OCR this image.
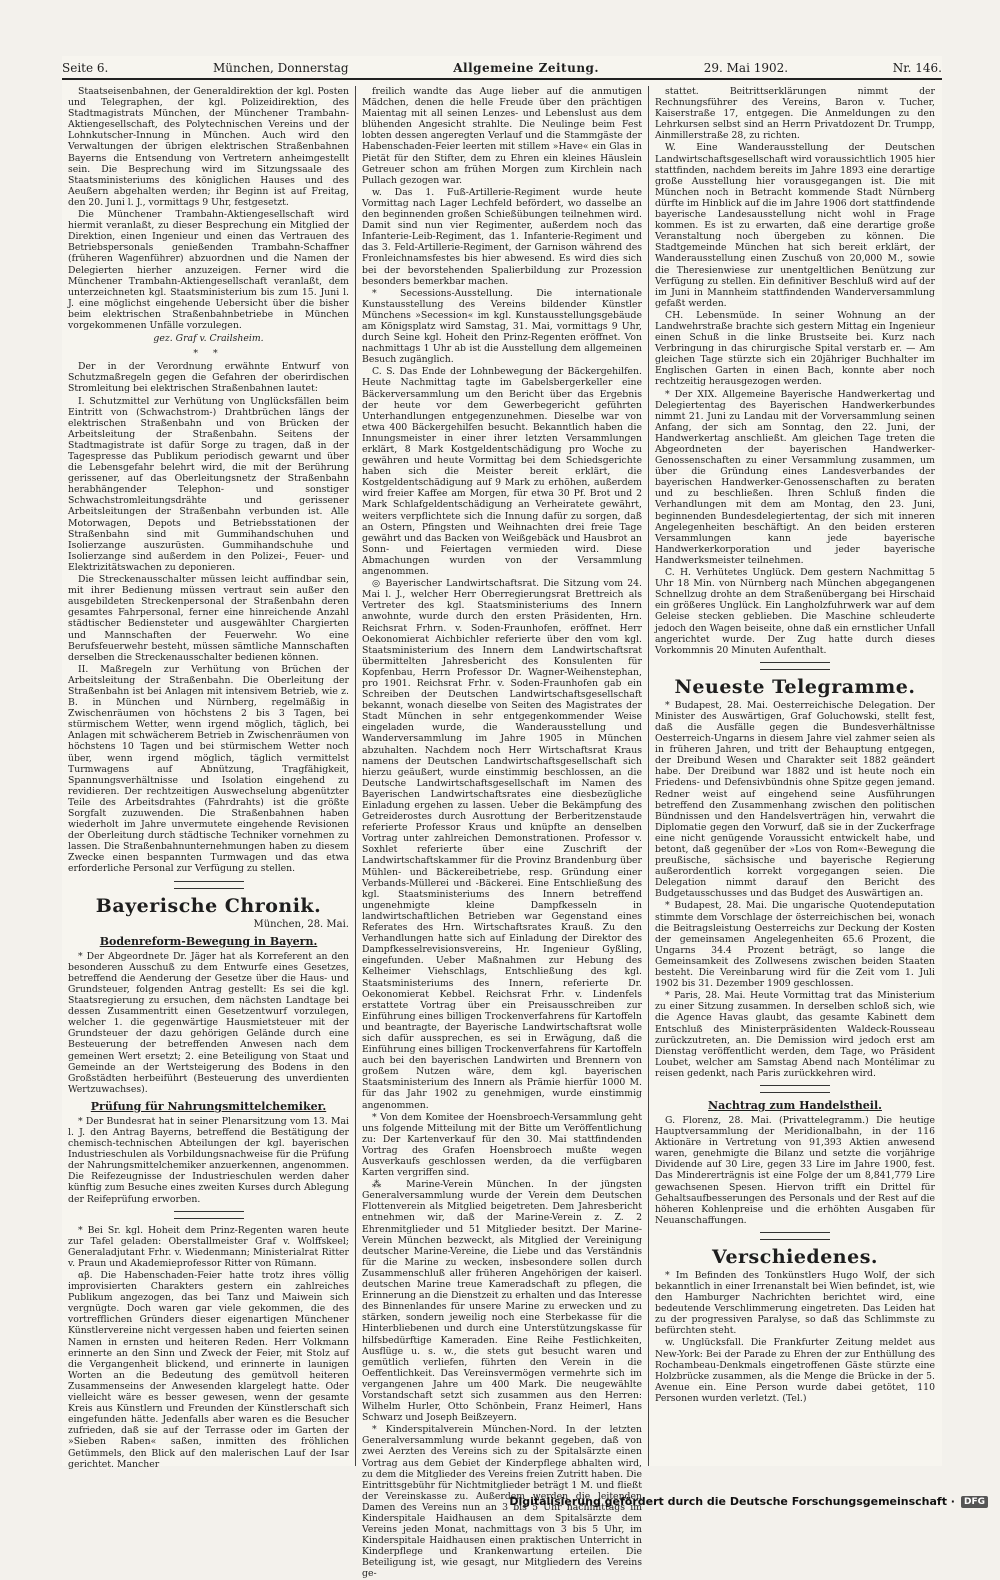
Seite 6.	München, Donnerstag	Allgemeine Zeitung.	29. Mai 1902.	Nr. 146.

Staatseisenbahnen, der Generaldirektion der kgl. Posten und Telegraphen, der kgl. Polizeidirektion, des Stadtmagistrats München, der Münchener Trambahn-Aktiengesellschaft, des Polytechnischen Vereins und der Lohnkutscher-Innung in München. Auch wird den Verwaltungen der übrigen elektrischen Straßenbahnen Bayerns die Entsendung von Vertretern anheimgestellt sein. Die Besprechung wird im Sitzungssaale des Staatsministeriums des königlichen Hauses und des Aeußern abgehalten werden; ihr Beginn ist auf Freitag, den 20. Juni l. J., vormittags 9 Uhr, festgesetzt.

Die Münchener Trambahn-Aktiengesellschaft wird hiermit veranlaßt, zu dieser Besprechung ein Mitglied der Direktion, einen Ingenieur und einen das Vertrauen des Betriebspersonals genießenden Trambahn-Schaffner (früheren Wagenführer) abzuordnen und die Namen der Delegierten hierher anzuzeigen. Ferner wird die Münchener Trambahn-Aktiengesellschaft veranlaßt, dem unterzeichneten kgl. Staatsministerium bis zum 15. Juni l. J. eine möglichst eingehende Uebersicht über die bisher beim elektrischen Straßenbahnbetriebe in München vorgekommenen Unfälle vorzulegen.

gez. Graf v. Crailsheim.
* *

Der in der Verordnung erwähnte Entwurf von Schutzmaßregeln gegen die Gefahren der oberirdischen Stromleitung bei elektrischen Straßenbahnen lautet:

I. Schutzmittel zur Verhütung von Unglücksfällen beim Eintritt von (Schwachstrom-) Drahtbrüchen längs der elektrischen Straßenbahn und von Brücken der Arbeitsleitung der Straßenbahn. Seitens der Stadtmagistrate ist dafür Sorge zu tragen, daß in der Tagespresse das Publikum periodisch gewarnt und über die Lebensgefahr belehrt wird, die mit der Berührung gerissener, auf das Oberleitungsnetz der Straßenbahn herabhängender Telephon- und sonstiger Schwachstromleitungsdrähte und gerissener Arbeitsleitungen der Straßenbahn verbunden ist. Alle Motorwagen, Depots und Betriebsstationen der Straßenbahn sind mit Gummihandschuhen und Isolierzange auszurüsten. Gummihandschuhe und Isolierzange sind außerdem in den Polizei-, Feuer- und Elektrizitätswachen zu deponieren.

Die Streckenausschalter müssen leicht auffindbar sein, mit ihrer Bedienung müssen vertraut sein außer den ausgebildeten Streckenpersonal der Straßenbahn deren gesamtes Fahrpersonal, ferner eine hinreichende Anzahl städtischer Bediensteter und ausgewählter Chargierten und Mannschaften der Feuerwehr. Wo eine Berufsfeuerwehr besteht, müssen sämtliche Mannschaften derselben die Streckenausschalter bedienen können.

II. Maßregeln zur Verhütung von Brüchen der Arbeitsleitung der Straßenbahn. Die Oberleitung der Straßenbahn ist bei Anlagen mit intensivem Betrieb, wie z. B. in München und Nürnberg, regelmäßig in Zwischenräumen von höchstens 2 bis 3 Tagen, bei stürmischem Wetter, wenn irgend möglich, täglich, bei Anlagen mit schwächerem Betrieb in Zwischenräumen von höchstens 10 Tagen und bei stürmischem Wetter noch über, wenn irgend möglich, täglich vermittelst Turmwagens auf Abnützung, Tragfähigkeit, Spannungsverhältnisse und Isolation eingehend zu revidieren. Der rechtzeitigen Auswechselung abgenützter Teile des Arbeitsdrahtes (Fahrdrahts) ist die größte Sorgfalt zuzuwenden. Die Straßenbahnen haben wiederholt im Jahre unvermutete eingehende Revisionen der Oberleitung durch städtische Techniker vornehmen zu lassen. Die Straßenbahnunternehmungen haben zu diesem Zwecke einen bespannten Turmwagen und das etwa erforderliche Personal zur Verfügung zu stellen.

Bayerische Chronik.
München, 28. Mai.
Bodenreform-Bewegung in Bayern.

* Der Abgeordnete Dr. Jäger hat als Korreferent an den besonderen Ausschuß zu dem Entwurfe eines Gesetzes, betreffend die Aenderung der Gesetze über die Haus- und Grundsteuer, folgenden Antrag gestellt: Es sei die kgl. Staatsregierung zu ersuchen, dem nächsten Landtage bei dessen Zusammentritt einen Gesetzentwurf vorzulegen, welcher 1. die gegenwärtige Hausmietsteuer mit der Grundsteuer der dazu gehörigen Gelände durch eine Besteuerung der betreffenden Anwesen nach dem gemeinen Wert ersetzt; 2. eine Beteiligung von Staat und Gemeinde an der Wertsteigerung des Bodens in den Großstädten herbeiführt (Besteuerung des unverdienten Wertzuwachses).

Prüfung für Nahrungsmittelchemiker.

* Der Bundesrat hat in seiner Plenarsitzung vom 13. Mai l. J. den Antrag Bayerns, betreffend die Bestätigung der chemisch-technischen Abteilungen der kgl. bayerischen Industrieschulen als Vorbildungsnachweise für die Prüfung der Nahrungsmittelchemiker anzuerkennen, angenommen. Die Reifezeugnisse der Industrieschulen werden daher künftig zum Besuche eines zweiten Kurses durch Ablegung der Reifeprüfung erworben.

* Bei Sr. kgl. Hoheit dem Prinz-Regenten waren heute zur Tafel geladen: Oberstallmeister Graf v. Wolffskeel; Generaladjutant Frhr. v. Wiedenmann; Ministerialrat Ritter v. Praun und Akademieprofessor Ritter von Rümann.

αβ. Die Habenschaden-Feier hatte trotz ihres völlig improvisierten Charakters gestern ein zahlreiches Publikum angezogen, das bei Tanz und Maiwein sich vergnügte. Doch waren gar viele gekommen, die des vortrefflichen Gründers dieser eigenartigen Münchener Künstlervereine nicht vergessen haben und feierten seinen Namen in ernsten und heiteren Reden. Herr Volkmann erinnerte an den Sinn und Zweck der Feier, mit Stolz auf die Vergangenheit blickend, und erinnerte in launigen Worten an die Bedeutung des gemütvoll heiteren Zusammenseins der Anwesenden klargelegt hatte. Oder vielleicht wäre es besser gewesen, wenn der gesamte Kreis aus Künstlern und Freunden der Künstlerschaft sich eingefunden hätte. Jedenfalls aber waren es die Besucher zufrieden, daß sie auf der Terrasse oder im Garten der »Sieben Raben« saßen, inmitten des fröhlichen Getümmels, den Blick auf den malerischen Lauf der Isar gerichtet. Mancher

freilich wandte das Auge lieber auf die anmutigen Mädchen, denen die helle Freude über den prächtigen Maientag mit all seinen Lenzes- und Lebenslust aus dem blühenden Angesicht strahlte. Die Neulinge beim Fest lobten dessen angeregten Verlauf und die Stammgäste der Habenschaden-Feier leerten mit stillem »Have« ein Glas in Pietät für den Stifter, dem zu Ehren ein kleines Häuslein Getreuer schon am frühen Morgen zum Kirchlein nach Pullach gezogen war.

w. Das 1. Fuß-Artillerie-Regiment wurde heute Vormittag nach Lager Lechfeld befördert, wo dasselbe an den beginnenden großen Schießübungen teilnehmen wird. Damit sind nun vier Regimenter, außerdem noch das Infanterie-Leib-Regiment, das 1. Infanterie-Regiment und das 3. Feld-Artillerie-Regiment, der Garnison während des Fronleichnamsfestes bis hier abwesend. Es wird dies sich bei der bevorstehenden Spalierbildung zur Prozession besonders bemerkbar machen.

* Secessions-Ausstellung. Die internationale Kunstausstellung des Vereins bildender Künstler Münchens »Secession« im kgl. Kunstausstellungsgebäude am Königsplatz wird Samstag, 31. Mai, vormittags 9 Uhr, durch Seine kgl. Hoheit den Prinz-Regenten eröffnet. Von nachmittags 1 Uhr ab ist die Ausstellung dem allgemeinen Besuch zugänglich.

C. S. Das Ende der Lohnbewegung der Bäckergehilfen. Heute Nachmittag tagte im Gabelsbergerkeller eine Bäckerversammlung um den Bericht über das Ergebnis der heute vor dem Gewerbegericht geführten Unterhandlungen entgegenzunehmen. Dieselbe war von etwa 400 Bäckergehilfen besucht. Bekanntlich haben die Innungsmeister in einer ihrer letzten Versammlungen erklärt, 8 Mark Kostgeldentschädigung pro Woche zu gewähren und heute Vormittag bei dem Schiedsgerichte haben sich die Meister bereit erklärt, die Kostgeldentschädigung auf 9 Mark zu erhöhen, außerdem wird freier Kaffee am Morgen, für etwa 30 Pf. Brot und 2 Mark Schlafgeldentschädigung an Verheiratete gewährt, weiters verpflichtete sich die Innung dafür zu sorgen, daß an Ostern, Pfingsten und Weihnachten drei freie Tage gewährt und das Backen von Weißgebäck und Hausbrot an Sonn- und Feiertagen vermieden wird. Diese Abmachungen wurden von der Versammlung angenommen.

◎ Bayerischer Landwirtschaftsrat. Die Sitzung vom 24. Mai l. J., welcher Herr Oberregierungsrat Brettreich als Vertreter des kgl. Staatsministeriums des Innern anwohnte, wurde durch den ersten Präsidenten, Hrn. Reichsrat Frhrn. v. Soden-Fraunhofen, eröffnet. Herr Oekonomierat Aichbichler referierte über den vom kgl. Staatsministerium des Innern dem Landwirtschaftsrat übermittelten Jahresbericht des Konsulenten für Kopfenbau, Herrn Professor Dr. Wagner-Weihenstephan, pro 1901. Reichsrat Frhr. v. Soden-Fraunhofen gab ein Schreiben der Deutschen Landwirtschaftsgesellschaft bekannt, wonach dieselbe von Seiten des Magistrates der Stadt München in sehr entgegenkommender Weise eingeladen wurde, die Wanderausstellung und Wanderversammlung im Jahre 1905 in München abzuhalten. Nachdem noch Herr Wirtschaftsrat Kraus namens der Deutschen Landwirtschaftsgesellschaft sich hierzu geäußert, wurde einstimmig beschlossen, an die Deutsche Landwirtschaftsgesellschaft im Namen des Bayerischen Landwirtschaftsrates eine diesbezügliche Einladung ergehen zu lassen. Ueber die Bekämpfung des Getreiderostes durch Ausrottung der Berberitzenstaude referierte Professor Kraus und knüpfte an denselben Vortrag unter zahlreichen Demonstrationen. Professor v. Soxhlet referierte über eine Zuschrift der Landwirtschaftskammer für die Provinz Brandenburg über Mühlen- und Bäckereibetriebe, resp. Gründung einer Verbands-Müllerei und -Bäckerei. Eine Entschließung des kgl. Staatsministeriums des Innern betreffend ungenehmigte kleine Dampfkesseln in landwirtschaftlichen Betrieben war Gegenstand eines Referates des Hrn. Wirtschaftsrates Krauß. Zu den Verhandlungen hatte sich auf Einladung der Direktor des Dampfkesselrevisionsvereins, Hr. Ingenieur Gyßling, eingefunden. Ueber Maßnahmen zur Hebung des Kelheimer Viehschlags, Entschließung des kgl. Staatsministeriums des Innern, referierte Dr. Oekonomierat Kebbel. Reichsrat Frhr. v. Lindenfels erstattete Vortrag über ein Preisausschreiben zur Einführung eines billigen Trockenverfahrens für Kartoffeln und beantragte, der Bayerische Landwirtschaftsrat wolle sich dafür aussprechen, es sei in Erwägung, daß die Einführung eines billigen Trockenverfahrens für Kartoffeln auch bei den bayerischen Landwirten und Brennern von großem Nutzen wäre, dem kgl. bayerischen Staatsministerium des Innern als Prämie hierfür 1000 M. für das Jahr 1902 zu genehmigen, wurde einstimmig angenommen.

* Von dem Komitee der Hoensbroech-Versammlung geht uns folgende Mitteilung mit der Bitte um Veröffentlichung zu: Der Kartenverkauf für den 30. Mai stattfindenden Vortrag des Grafen Hoensbroech mußte wegen Ausverkaufs geschlossen werden, da die verfügbaren Karten vergriffen sind.

⁂ Marine-Verein München. In der jüngsten Generalversammlung wurde der Verein dem Deutschen Flottenverein als Mitglied beigetreten. Dem Jahresbericht entnehmen wir, daß der Marine-Verein z. Z. 2 Ehrenmitglieder und 51 Mitglieder besitzt. Der Marine-Verein München bezweckt, als Mitglied der Vereinigung deutscher Marine-Vereine, die Liebe und das Verständnis für die Marine zu wecken, insbesondere sollen durch Zusammenschluß aller früheren Angehörigen der kaiserl. deutschen Marine treue Kameradschaft zu pflegen, die Erinnerung an die Dienstzeit zu erhalten und das Interesse des Binnenlandes für unsere Marine zu erwecken und zu stärken, sondern jeweilig noch eine Sterbekasse für die Hinterbliebenen und durch eine Unterstützungskasse für hilfsbedürftige Kameraden. Eine Reihe Festlichkeiten, Ausflüge u. s. w., die stets gut besucht waren und gemütlich verliefen, führten den Verein in die Oeffentlichkeit. Das Vereinsvermögen vermehrte sich im vergangenen Jahre um 400 Mark. Die neugewählte Vorstandschaft setzt sich zusammen aus den Herren: Wilhelm Hurler, Otto Schönbein, Franz Heimerl, Hans Schwarz und Joseph Beißzeyern.

* Kinderspitalverein München-Nord. In der letzten Generalversammlung wurde bekannt gegeben, daß von zwei Aerzten des Vereins sich zu der Spitalsärzte einen Vortrag aus dem Gebiet der Kinderpflege abhalten wird, zu dem die Mitglieder des Vereins freien Zutritt haben. Die Eintrittsgebühr für Nichtmitglieder beträgt 1 M. und fließt der Vereinskasse zu. Außerdem werden die leitenden Damen des Vereins nun an 3 bis 5 Uhr nachmittags im Kinderspitale Haidhausen an dem Spitalsärzte dem Vereins jeden Monat, nachmittags von 3 bis 5 Uhr, im Kinderspitale Haidhausen einen praktischen Unterricht in Kinderpflege und Krankenwartung erteilen. Die Beteiligung ist, wie gesagt, nur Mitgliedern des Vereins ge-

stattet. Beitrittserklärungen nimmt der Rechnungsführer des Vereins, Baron v. Tucher, Kaiserstraße 17, entgegen. Die Anmeldungen zu den Lehrkursen selbst sind an Herrn Privatdozent Dr. Trumpp, Ainmillerstraße 28, zu richten.

W. Eine Wanderausstellung der Deutschen Landwirtschaftsgesellschaft wird voraussichtlich 1905 hier stattfinden, nachdem bereits im Jahre 1893 eine derartige große Ausstellung hier vorausgegangen ist. Die mit München noch in Betracht kommende Stadt Nürnberg dürfte im Hinblick auf die im Jahre 1906 dort stattfindende bayerische Landesausstellung nicht wohl in Frage kommen. Es ist zu erwarten, daß eine derartige große Veranstaltung noch übergeben zu können. Die Stadtgemeinde München hat sich bereit erklärt, der Wanderausstellung einen Zuschuß von 20,000 M., sowie die Theresienwiese zur unentgeltlichen Benützung zur Verfügung zu stellen. Ein definitiver Beschluß wird auf der im Juni in Mannheim stattfindenden Wanderversammlung gefaßt werden.

CH. Lebensmüde. In seiner Wohnung an der Landwehrstraße brachte sich gestern Mittag ein Ingenieur einen Schuß in die linke Brustseite bei. Kurz nach Verbringung in das chirurgische Spital verstarb er. — Am gleichen Tage stürzte sich ein 20jähriger Buchhalter im Englischen Garten in einen Bach, konnte aber noch rechtzeitig herausgezogen werden.

* Der XIX. Allgemeine Bayerische Handwerkertag und Delegiertentag des Bayerischen Handwerkerbundes nimmt 21. Juni zu Landau mit der Vorversammlung seinen Anfang, der sich am Sonntag, den 22. Juni, der Handwerkertag anschließt. Am gleichen Tage treten die Abgeordneten der bayerischen Handwerker-Genossenschaften zu einer Versammlung zusammen, um über die Gründung eines Landesverbandes der bayerischen Handwerker-Genossenschaften zu beraten und zu beschließen. Ihren Schluß finden die Verhandlungen mit dem am Montag, den 23. Juni, beginnenden Bundesdelegiertentag, der sich mit inneren Angelegenheiten beschäftigt. An den beiden ersteren Versammlungen kann jede bayerische Handwerkerkorporation und jeder bayerische Handwerksmeister teilnehmen.

C. H. Verhütetes Unglück. Dem gestern Nachmittag 5 Uhr 18 Min. von Nürnberg nach München abgegangenen Schnellzug drohte an dem Straßenübergang bei Hirschaid ein größeres Unglück. Ein Langholzfuhrwerk war auf dem Geleise stecken geblieben. Die Maschine schleuderte jedoch den Wagen beiseite, ohne daß ein ernstlicher Unfall angerichtet wurde. Der Zug hatte durch dieses Vorkommnis 20 Minuten Aufenthalt.

Neueste Telegramme.

* Budapest, 28. Mai. Oesterreichische Delegation. Der Minister des Auswärtigen, Graf Goluchowski, stellt fest, daß die Ausfälle gegen die Bundesverhältnisse Oesterreich-Ungarns in diesem Jahre viel zahmer seien als in früheren Jahren, und tritt der Behauptung entgegen, der Dreibund Wesen und Charakter seit 1882 geändert habe. Der Dreibund war 1882 und ist heute noch ein Friedens- und Defensivbündnis ohne Spitze gegen jemand. Redner weist auf eingehend seine Ausführungen betreffend den Zusammenhang zwischen den politischen Bündnissen und den Handelsverträgen hin, verwahrt die Diplomatie gegen den Vorwurf, daß sie in der Zuckerfrage eine nicht genügende Voraussicht entwickelt habe, und betont, daß gegenüber der »Los von Rom«-Bewegung die preußische, sächsische und bayerische Regierung außerordentlich korrekt vorgegangen seien. Die Delegation nimmt darauf den Bericht des Budgetausschusses und das Budget des Auswärtigen an.

* Budapest, 28. Mai. Die ungarische Quotendeputation stimmte dem Vorschlage der österreichischen bei, wonach die Beitragsleistung Oesterreichs zur Deckung der Kosten der gemeinsamen Angelegenheiten 65.6 Prozent, die Ungarns 34.4 Prozent beträgt, so lange die Gemeinsamkeit des Zollwesens zwischen beiden Staaten besteht. Die Vereinbarung wird für die Zeit vom 1. Juli 1902 bis 31. Dezember 1909 geschlossen.

* Paris, 28. Mai. Heute Vormittag trat das Ministerium zu einer Sitzung zusammen. In derselben schloß sich, wie die Agence Havas glaubt, das gesamte Kabinett dem Entschluß des Ministerpräsidenten Waldeck-Rousseau zurückzutreten, an. Die Demission wird jedoch erst am Dienstag veröffentlicht werden, dem Tage, wo Präsident Loubet, welcher am Samstag Abend nach Montélimar zu reisen gedenkt, nach Paris zurückkehren wird.

Nachtrag zum Handelstheil.

G. Florenz, 28. Mai. (Privattelegramm.) Die heutige Hauptversammlung der Meridionalbahn, in der 116 Aktionäre in Vertretung von 91,393 Aktien anwesend waren, genehmigte die Bilanz und setzte die vorjährige Dividende auf 30 Lire, gegen 33 Lire im Jahre 1900, fest. Das Mindererträgnis ist eine Folge der um 8,841,779 Lire gewachsenen Spesen. Hiervon trifft ein Drittel für Gehaltsaufbesserungen des Personals und der Rest auf die höheren Kohlenpreise und die erhöhten Ausgaben für Neuanschaffungen.

Verschiedenes.

* Im Befinden des Tonkünstlers Hugo Wolf, der sich bekanntlich in einer Irrenanstalt bei Wien befindet, ist, wie den Hamburger Nachrichten berichtet wird, eine bedeutende Verschlimmerung eingetreten. Das Leiden hat zu der progressiven Paralyse, so daß das Schlimmste zu befürchten steht.

w. Unglücksfall. Die Frankfurter Zeitung meldet aus New-York: Bei der Parade zu Ehren der zur Enthüllung des Rochambeau-Denkmals eingetroffenen Gäste stürzte eine Holzbrücke zusammen, als die Menge die Brücke in der 5. Avenue ein. Eine Person wurde dabei getötet, 110 Personen wurden verletzt. (Tel.)

Digitalisierung gefördert durch die Deutsche Forschungsgemeinschaft ·	DFG
